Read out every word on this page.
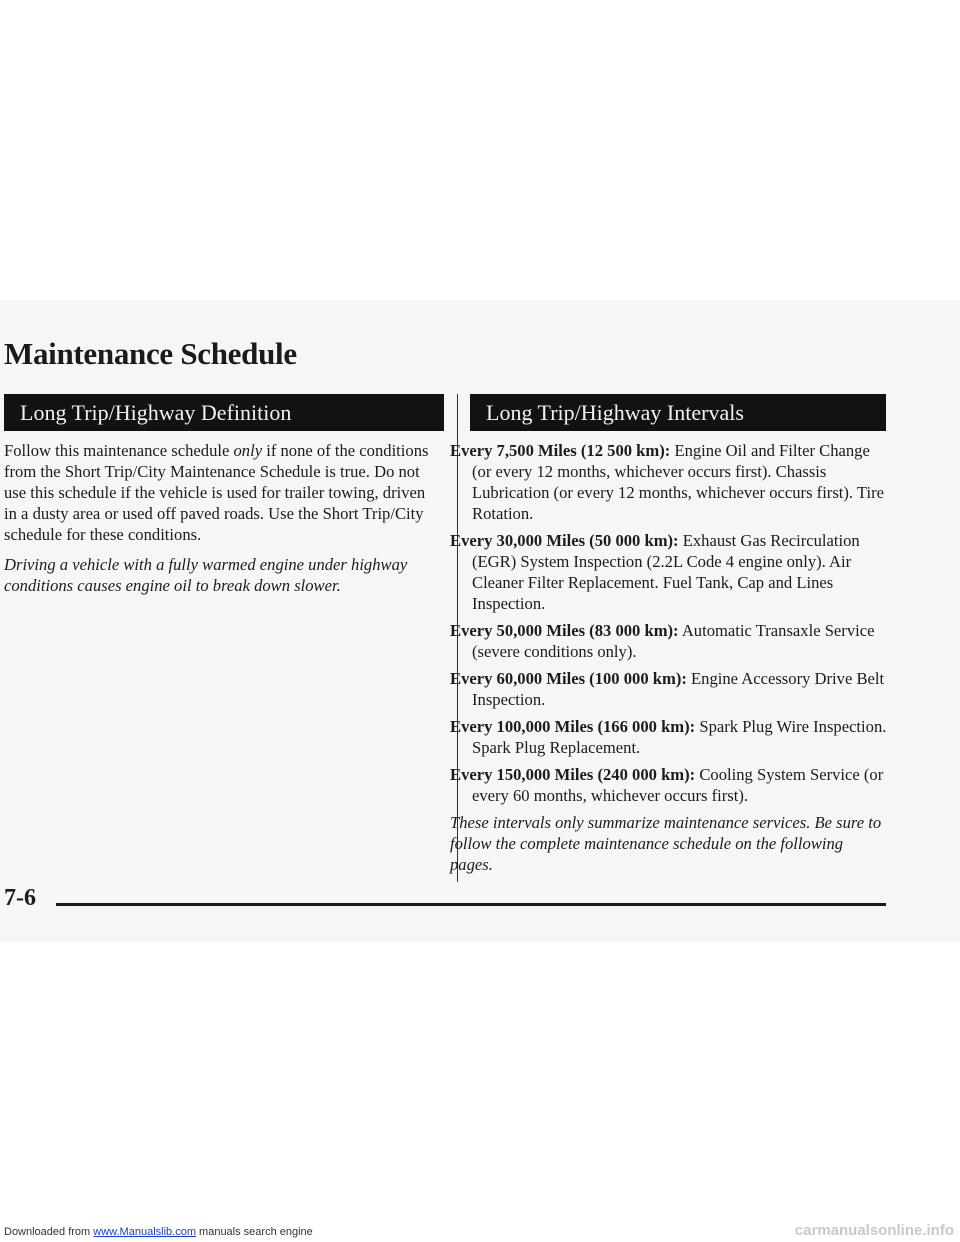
Maintenance Schedule
Long Trip/Highway Definition	Long Trip/Highway Intervals

Follow this maintenance schedule only if none of the conditions from the Short Trip/City Maintenance Schedule is true. Do not use this schedule if the vehicle is used for trailer towing, driven in a dusty area or used off paved roads. Use the Short Trip/City schedule for these conditions.

Driving a vehicle with a fully warmed engine under highway conditions causes engine oil to break down slower.

Every 7,500 Miles (12 500 km): Engine Oil and Filter Change (or every 12 months, whichever occurs first). Chassis Lubrication (or every 12 months, whichever occurs first). Tire Rotation.

Every 30,000 Miles (50 000 km): Exhaust Gas Recirculation (EGR) System Inspection (2.2L Code 4 engine only). Air Cleaner Filter Replacement. Fuel Tank, Cap and Lines Inspection.

Every 50,000 Miles (83 000 km): Automatic Transaxle Service (severe conditions only).

Every 60,000 Miles (100 000 km): Engine Accessory Drive Belt Inspection.

Every 100,000 Miles (166 000 km): Spark Plug Wire Inspection. Spark Plug Replacement.

Every 150,000 Miles (240 000 km): Cooling System Service (or every 60 months, whichever occurs first).

These intervals only summarize maintenance services. Be sure to follow the complete maintenance schedule on the following pages.

7-6
Downloaded from www.Manualslib.com manuals search engine	carmanualsonline.info
